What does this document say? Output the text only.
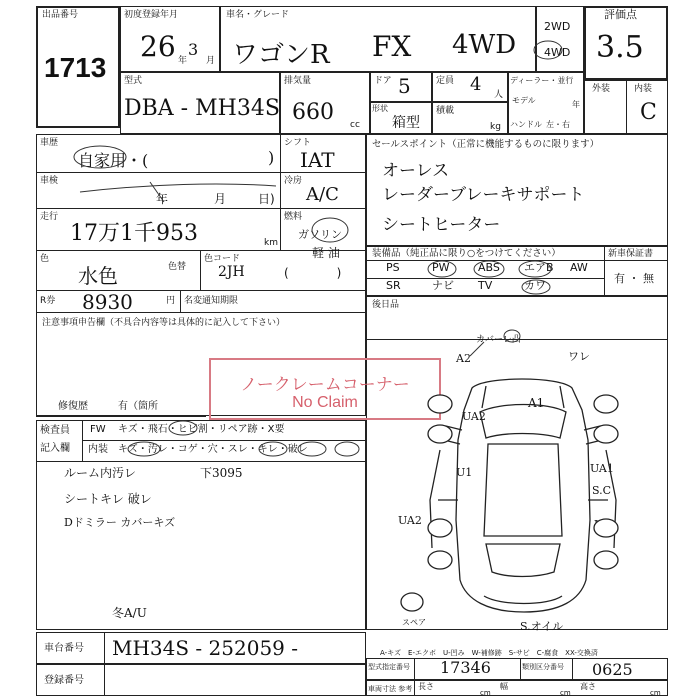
出品番号
1713
初度登録年月
26 年
3
月
車名・グレード
ワゴンR FX 4WD
2WD
4WD
評価点
3.5
型式
DBA - MH34S
排気量
660 cc
ドア 5	定員 4 人
形状
箱型
積載
kg
ディーラー・並行
モデル	年
ハンドル 左・右
外装	内装
C
車歴
自家用・(	)
シフト
IAT
車検
年	月	日)
冷房
A/C
走行
17万1千953	km
燃料
ガソリン
軽 油
(　　　　)
色
水色	色替
色コード
2JH
R券 8930	円 名変通知期限
注意事項申告欄（不具合内容等は具体的に記入して下さい）
修復歴	有（箇所
セールスポイント（正常に機能するものに限ります）
オーレス
レーダーブレーキサポート
シートヒーター
装備品（純正品に限り○をつけてください）
PS	PW	ABS エアB AW
SR	ナビ TV	カワ
新車保証書
有 ・ 無
後日品
ノークレームコーナー
No Claim
検査員
記入欄
FW キズ・飛石・ヒビ割・リペア跡・X要
内装 キズ・汚レ・コゲ・穴・スレ・キレ・破レ
ルーム内汚レ
シートキレ 破レ
Dドミラー カバーキズ
下3095
冬A/U
A2
カバーレ凸
ワレ
A1
UA2
U1	UA1
S.C
UA2
S.オイル
スペア
車台番号 MH34S - 252059 -
登録番号
A-キズ　E-エクボ　U-凹み　W-補修跡　S-サビ　C-腐食　XX-交換済
型式指定番号 17346	類別区分番号 0625
車両寸法 参考 長さ
cm
幅
cm
高さ
cm
